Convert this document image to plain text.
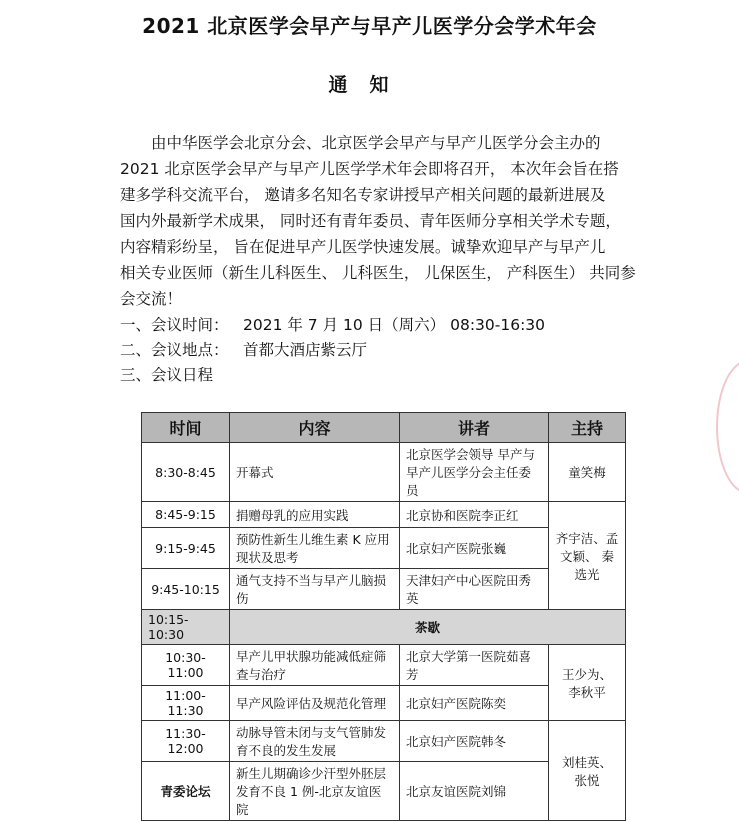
2021 北京医学会早产与早产儿医学分会学术年会
通知
由中华医学会北京分会、北京医学会早产与早产儿医学分会主办的
2021 北京医学会早产与早产儿医学学术年会即将召开， 本次年会旨在搭
建多学科交流平台， 邀请多名知名专家讲授早产相关问题的最新进展及
国内外最新学术成果， 同时还有青年委员、青年医师分享相关学术专题，
内容精彩纷呈， 旨在促进早产儿医学快速发展。诚挚欢迎早产与早产儿
相关专业医师（新生儿科医生、 儿科医生， 儿保医生， 产科医生） 共同参
会交流！
一、会议时间： 2021 年 7 月 10 日（周六） 08:30-16:30
二、会议地点： 首都大酒店紫云厅
三、会议日程
时间	内容	讲者	主持
8:30-8:45	开幕式	北京医学会领导 早产与早产儿医学分会主任委员	童笑梅
8:45-9:15	捐赠母乳的应用实践	北京协和医院李正红	齐宇洁、孟文颖、 秦选光
9:15-9:45	预防性新生儿维生素 K 应用现状及思考	北京妇产医院张巍	
9:45-10:15	通气支持不当与早产儿脑损伤	天津妇产中心医院田秀英	
10:15-10:30	茶歇		
10:30-11:00	早产儿甲状腺功能减低症筛查与治疗	北京大学第一医院茹喜芳	王少为、 李秋平
11:00-11:30	早产风险评估及规范化管理	北京妇产医院陈奕	
11:30-12:00	动脉导管未闭与支气管肺发育不良的发生发展	北京妇产医院韩冬	刘桂英、 张悦
青委论坛	新生儿期确诊少汗型外胚层发育不良 1 例-北京友谊医院	北京友谊医院刘锦	
